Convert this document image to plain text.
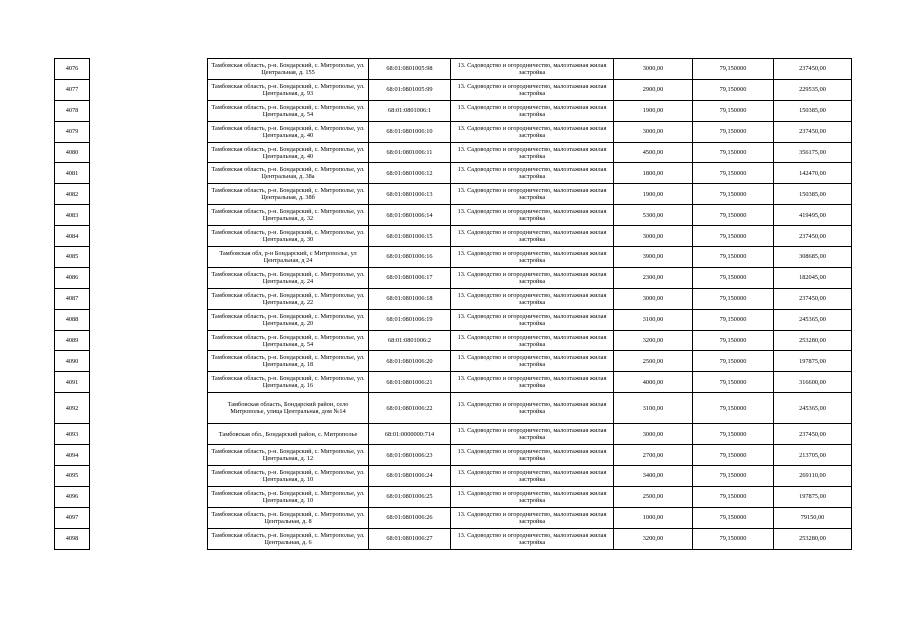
4076		Тамбовская область, р-н. Бондарский, с. Митрополье, ул. Центральная, д. 155	68:01:0801005:98	13. Садоводство и огородничество, малоэтажная жилая застройка	3000,00	79,150000	237450,00
4077		Тамбовская область, р-н. Бондарский, с. Митрополье, ул. Центральная, д. 93	68:01:0801005:99	13. Садоводство и огородничество, малоэтажная жилая застройка	2900,00	79,150000	229535,00
4078		Тамбовская область, р-н. Бондарский, с. Митрополье, ул. Центральная, д. 54	68:01:0801006:1	13. Садоводство и огородничество, малоэтажная жилая застройка	1900,00	79,150000	150385,00
4079		Тамбовская область, р-н. Бондарский, с. Митрополье, ул. Центральная, д. 40	68:01:0801006:10	13. Садоводство и огородничество, малоэтажная жилая застройка	3000,00	79,150000	237450,00
4080		Тамбовская область, р-н. Бондарский, с. Митрополье, ул. Центральная, д. 40	68:01:0801006:11	13. Садоводство и огородничество, малоэтажная жилая застройка	4500,00	79,150000	356175,00
4081		Тамбовская область, р-н. Бондарский, с. Митрополье, ул. Центральная, д. 38а	68:01:0801006:12	13. Садоводство и огородничество, малоэтажная жилая застройка	1800,00	79,150000	142470,00
4082		Тамбовская область, р-н. Бондарский, с. Митрополье, ул. Центральная, д. 38б	68:01:0801006:13	13. Садоводство и огородничество, малоэтажная жилая застройка	1900,00	79,150000	150385,00
4083		Тамбовская область, р-н. Бондарский, с. Митрополье, ул. Центральная, д. 32	68:01:0801006:14	13. Садоводство и огородничество, малоэтажная жилая застройка	5300,00	79,150000	419495,00
4084		Тамбовская область, р-н. Бондарский, с. Митрополье, ул. Центральная, д. 30	68:01:0801006:15	13. Садоводство и огородничество, малоэтажная жилая застройка	3000,00	79,150000	237450,00
4085		Тамбовская обл, р-н Бондарский, с Митрополье, ул Центральная, д 24	68:01:0801006:16	13. Садоводство и огородничество, малоэтажная жилая застройка	3900,00	79,150000	308685,00
4086		Тамбовская область, р-н. Бондарский, с. Митрополье, ул. Центральная, д. 24	68:01:0801006:17	13. Садоводство и огородничество, малоэтажная жилая застройка	2300,00	79,150000	182045,00
4087		Тамбовская область, р-н. Бондарский, с. Митрополье, ул. Центральная, д. 22	68:01:0801006:18	13. Садоводство и огородничество, малоэтажная жилая застройка	3000,00	79,150000	237450,00
4088		Тамбовская область, р-н. Бондарский, с. Митрополье, ул. Центральная, д. 20	68:01:0801006:19	13. Садоводство и огородничество, малоэтажная жилая застройка	3100,00	79,150000	245365,00
4089		Тамбовская область, р-н. Бондарский, с. Митрополье, ул. Центральная, д. 54	68:01:0801006:2	13. Садоводство и огородничество, малоэтажная жилая застройка	3200,00	79,150000	253280,00
4090		Тамбовская область, р-н. Бондарский, с. Митрополье, ул. Центральная, д. 18	68:01:0801006:20	13. Садоводство и огородничество, малоэтажная жилая застройка	2500,00	79,150000	197875,00
4091		Тамбовская область, р-н. Бондарский, с. Митрополье, ул. Центральная, д. 16	68:01:0801006:21	13. Садоводство и огородничество, малоэтажная жилая застройка	4000,00	79,150000	316600,00
4092		Тамбовская область, Бондарский район, село Митрополье, улица Центральная, дом №14	68:01:0801006:22	13. Садоводство и огородничество, малоэтажная жилая застройка	3100,00	79,150000	245365,00
4093		Тамбовская обл., Бондарский район, с. Митрополье	68:01:0000000:714	13. Садоводство и огородничество, малоэтажная жилая застройка	3000,00	79,150000	237450,00
4094		Тамбовская область, р-н. Бондарский, с. Митрополье, ул. Центральная, д. 12	68:01:0801006:23	13. Садоводство и огородничество, малоэтажная жилая застройка	2700,00	79,150000	213705,00
4095		Тамбовская область, р-н. Бондарский, с. Митрополье, ул. Центральная, д. 10	68:01:0801006:24	13. Садоводство и огородничество, малоэтажная жилая застройка	3400,00	79,150000	269110,00
4096		Тамбовская область, р-н. Бондарский, с. Митрополье, ул. Центральная, д. 10	68:01:0801006:25	13. Садоводство и огородничество, малоэтажная жилая застройка	2500,00	79,150000	197875,00
4097		Тамбовская область, р-н. Бондарский, с. Митрополье, ул. Центральная, д. 8	68:01:0801006:26	13. Садоводство и огородничество, малоэтажная жилая застройка	1000,00	79,150000	79150,00
4098		Тамбовская область, р-н. Бондарский, с. Митрополье, ул. Центральная, д. 6	68:01:0801006:27	13. Садоводство и огородничество, малоэтажная жилая застройка	3200,00	79,150000	253280,00
